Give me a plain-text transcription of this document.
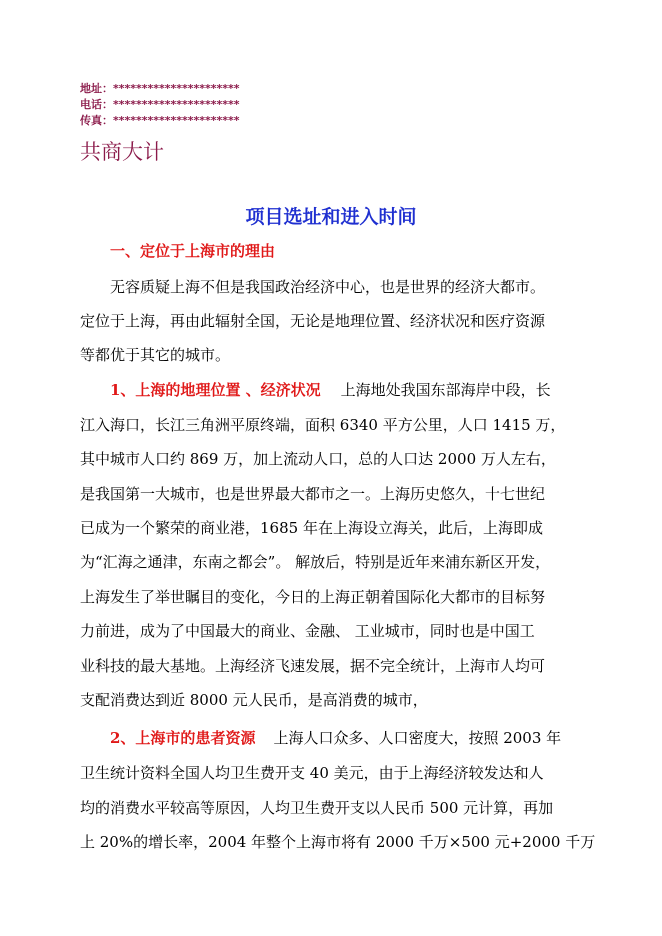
地址：**********************
电话：**********************
传真：**********************
共商大计
项目选址和进入时间
一、定位于上海市的理由
无容质疑上海不但是我国政治经济中心，也是世界的经济大都市。
定位于上海，再由此辐射全国，无论是地理位置、经济状况和医疗资源
等都优于其它的城市。
1、上海的地理位置 、经济状况 上海地处我国东部海岸中段，长
江入海口，长江三角洲平原终端，面积 6340 平方公里，人口 1415 万，
其中城市人口约 869 万，加上流动人口，总的人口达 2000 万人左右，
是我国第一大城市，也是世界最大都市之一。上海历史悠久，十七世纪
已成为一个繁荣的商业港，1685 年在上海设立海关，此后，上海即成
为“汇海之通津，东南之都会”。 解放后，特别是近年来浦东新区开发，
上海发生了举世瞩目的变化，今日的上海正朝着国际化大都市的目标努
力前进，成为了中国最大的商业、金融、 工业城市，同时也是中国工
业科技的最大基地。上海经济飞速发展，据不完全统计，上海市人均可
支配消费达到近 8000 元人民币，是高消费的城市，
2、上海市的患者资源 上海人口众多、人口密度大，按照 2003 年
卫生统计资料全国人均卫生费开支 40 美元，由于上海经济较发达和人
均的消费水平较高等原因，人均卫生费开支以人民币 500 元计算，再加
上 20%的增长率，2004 年整个上海市将有 2000 千万×500 元+2000 千万
